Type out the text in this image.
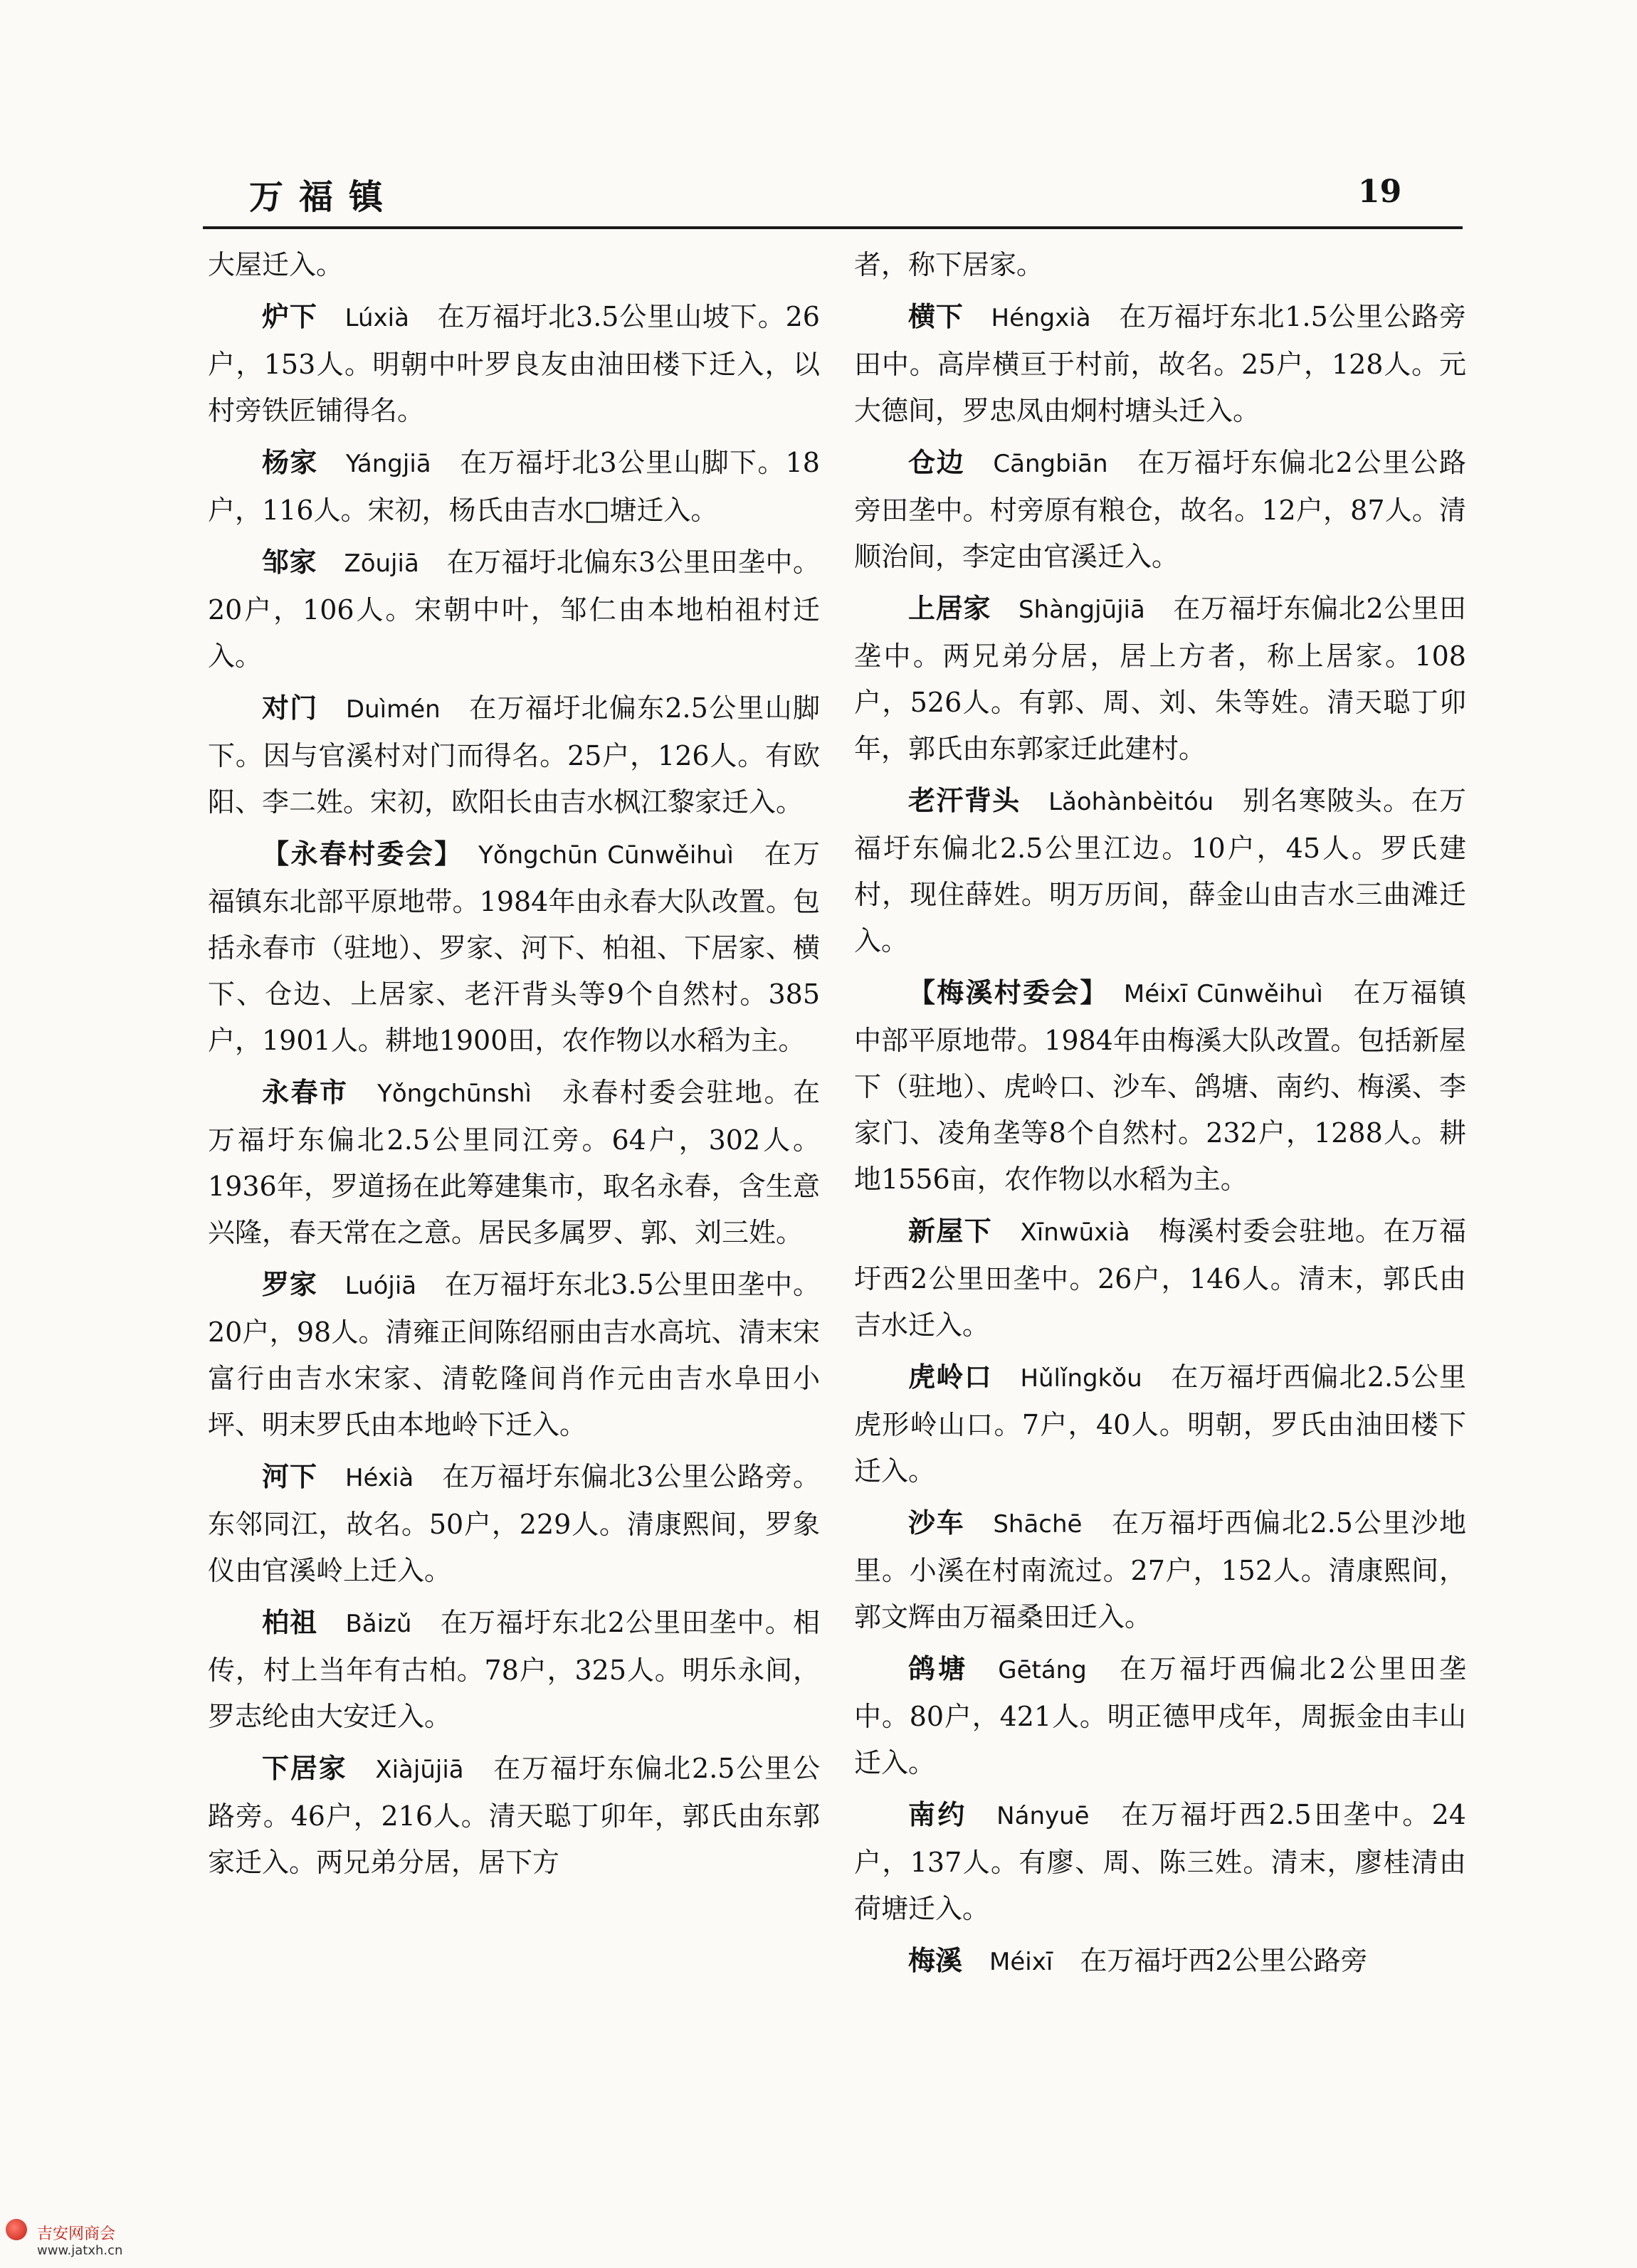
万福镇	19

大屋迁入。

炉下　 Lúxià　 在万福圩北3.5公里山坡下。26户，153人。明朝中叶罗良友由油田楼下迁入，以村旁铁匠铺得名。

杨家　 Yángjiā　 在万福圩北3公里山脚下。18户，116人。宋初，杨氏由吉水□塘迁入。

邹家　 Zōujiā　 在万福圩北偏东3公里田垄中。20户，106人。宋朝中叶，邹仁由本地柏祖村迁入。

对门　 Duìmén　 在万福圩北偏东2.5公里山脚下。因与官溪村对门而得名。25户，126人。有欧阳、李二姓。宋初，欧阳长由吉水枫江黎家迁入。

【永春村委会】　 Yǒngchūn Cūnwěihuì　 在万福镇东北部平原地带。1984年由永春大队改置。包括永春市（驻地）、罗家、河下、柏祖、下居家、横下、仓边、上居家、老汗背头等9个自然村。385户，1901人。耕地1900田，农作物以水稻为主。

永春市　 Yǒngchūnshì　 永春村委会驻地。在万福圩东偏北2.5公里同江旁。64户，302人。1936年，罗道扬在此筹建集市，取名永春，含生意兴隆，春天常在之意。居民多属罗、郭、刘三姓。

罗家　 Luójiā　 在万福圩东北3.5公里田垄中。20户，98人。清雍正间陈绍丽由吉水高坑、清末宋富行由吉水宋家、清乾隆间肖作元由吉水阜田小坪、明末罗氏由本地岭下迁入。

河下　 Héxià　 在万福圩东偏北3公里公路旁。东邻同江，故名。50户，229人。清康熙间，罗象仪由官溪岭上迁入。

柏祖　 Bǎizǔ　 在万福圩东北2公里田垄中。相传，村上当年有古柏。78户，325人。明乐永间，罗志纶由大安迁入。

下居家　 Xiàjūjiā　 在万福圩东偏北2.5公里公路旁。46户，216人。清天聪丁卯年，郭氏由东郭家迁入。两兄弟分居，居下方

者，称下居家。

横下　 Héngxià　 在万福圩东北1.5公里公路旁田中。高岸横亘于村前，故名。25户，128人。元大德间，罗忠凤由炯村塘头迁入。

仓边　 Cāngbiān　 在万福圩东偏北2公里公路旁田垄中。村旁原有粮仓，故名。12户，87人。清顺治间，李定由官溪迁入。

上居家　 Shàngjūjiā　 在万福圩东偏北2公里田垄中。两兄弟分居，居上方者，称上居家。108户，526人。有郭、周、刘、朱等姓。清天聪丁卯年，郭氏由东郭家迁此建村。

老汗背头　 Lǎohànbèitóu　 别名寒陂头。在万福圩东偏北2.5公里江边。10户，45人。罗氏建村，现住薛姓。明万历间，薛金山由吉水三曲滩迁入。

【梅溪村委会】　 Méixī Cūnwěihuì　 在万福镇中部平原地带。1984年由梅溪大队改置。包括新屋下（驻地）、虎岭口、沙车、鸽塘、南约、梅溪、李家门、凌角垄等8个自然村。232户，1288人。耕地1556亩，农作物以水稻为主。

新屋下　 Xīnwūxià　 梅溪村委会驻地。在万福圩西2公里田垄中。26户，146人。清末，郭氏由吉水迁入。

虎岭口　 Hǔlǐngkǒu　 在万福圩西偏北2.5公里虎形岭山口。7户，40人。明朝，罗氏由油田楼下迁入。

沙车　 Shāchē　 在万福圩西偏北2.5公里沙地里。小溪在村南流过。27户，152人。清康熙间，郭文辉由万福桑田迁入。

鸽塘　 Gētáng　 在万福圩西偏北2公里田垄中。80户，421人。明正德甲戌年，周振金由丰山迁入。

南约　 Nányuē　 在万福圩西2.5田垄中。24户，137人。有廖、周、陈三姓。清末，廖桂清由荷塘迁入。

梅溪　 Méixī　 在万福圩西2公里公路旁

吉安网商会
www.jatxh.cn
